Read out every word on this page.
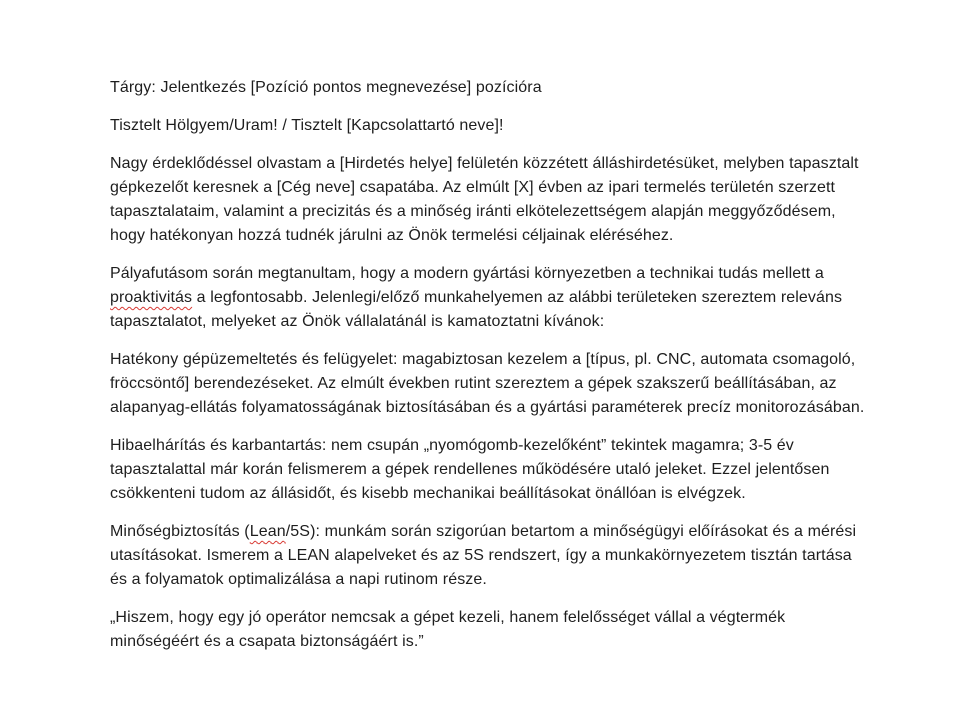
Tárgy: Jelentkezés [Pozíció pontos megnevezése] pozícióra

Tisztelt Hölgyem/Uram! / Tisztelt [Kapcsolattartó neve]!

Nagy érdeklődéssel olvastam a [Hirdetés helye] felületén közzétett álláshirdetésüket, melyben tapasztalt gépkezelőt keresnek a [Cég neve] csapatába. Az elmúlt [X] évben az ipari termelés területén szerzett tapasztalataim, valamint a precizitás és a minőség iránti elkötelezettségem alapján meggyőződésem, hogy hatékonyan hozzá tudnék járulni az Önök termelési céljainak eléréséhez.

Pályafutásom során megtanultam, hogy a modern gyártási környezetben a technikai tudás mellett a proaktivitás a legfontosabb. Jelenlegi/előző munkahelyemen az alábbi területeken szereztem releváns tapasztalatot, melyeket az Önök vállalatánál is kamatoztatni kívánok:

Hatékony gépüzemeltetés és felügyelet: magabiztosan kezelem a [típus, pl. CNC, automata csomagoló, fröccsöntő] berendezéseket. Az elmúlt években rutint szereztem a gépek szakszerű beállításában, az alapanyag-ellátás folyamatosságának biztosításában és a gyártási paraméterek precíz monitorozásában.

Hibaelhárítás és karbantartás: nem csupán „nyomógomb-kezelőként” tekintek magamra; 3-5 év tapasztalattal már korán felismerem a gépek rendellenes működésére utaló jeleket. Ezzel jelentősen csökkenteni tudom az állásidőt, és kisebb mechanikai beállításokat önállóan is elvégzek.

Minőségbiztosítás (Lean/5S): munkám során szigorúan betartom a minőségügyi előírásokat és a mérési utasításokat. Ismerem a LEAN alapelveket és az 5S rendszert, így a munkakörnyezetem tisztán tartása és a folyamatok optimalizálása a napi rutinom része.

„Hiszem, hogy egy jó operátor nemcsak a gépet kezeli, hanem felelősséget vállal a végtermék minőségéért és a csapata biztonságáért is.”
